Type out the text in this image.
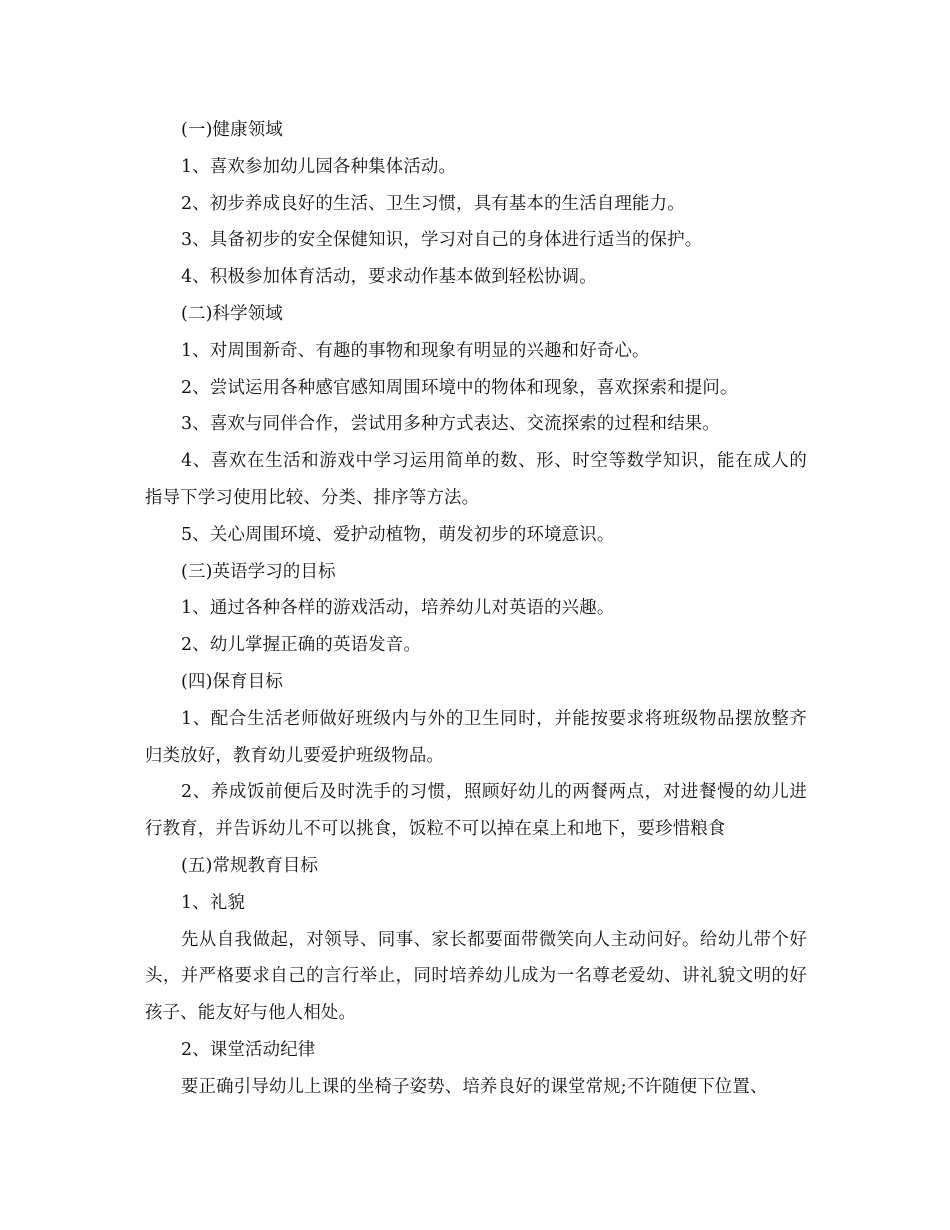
(一)健康领域

1、喜欢参加幼儿园各种集体活动。

2、初步养成良好的生活、卫生习惯，具有基本的生活自理能力。

3、具备初步的安全保健知识，学习对自己的身体进行适当的保护。

4、积极参加体育活动，要求动作基本做到轻松协调。

(二)科学领域

1、对周围新奇、有趣的事物和现象有明显的兴趣和好奇心。

2、尝试运用各种感官感知周围环境中的物体和现象，喜欢探索和提问。

3、喜欢与同伴合作，尝试用多种方式表达、交流探索的过程和结果。

4、喜欢在生活和游戏中学习运用简单的数、形、时空等数学知识，能在成人的指导下学习使用比较、分类、排序等方法。

5、关心周围环境、爱护动植物，萌发初步的环境意识。

(三)英语学习的目标

1、通过各种各样的游戏活动，培养幼儿对英语的兴趣。

2、幼儿掌握正确的英语发音。

(四)保育目标

1、配合生活老师做好班级内与外的卫生同时，并能按要求将班级物品摆放整齐归类放好，教育幼儿要爱护班级物品。

2、养成饭前便后及时洗手的习惯，照顾好幼儿的两餐两点，对进餐慢的幼儿进行教育，并告诉幼儿不可以挑食，饭粒不可以掉在桌上和地下，要珍惜粮食

(五)常规教育目标

1、礼貌

先从自我做起，对领导、同事、家长都要面带微笑向人主动问好。给幼儿带个好头，并严格要求自己的言行举止，同时培养幼儿成为一名尊老爱幼、讲礼貌文明的好孩子、能友好与他人相处。

2、课堂活动纪律

要正确引导幼儿上课的坐椅子姿势、培养良好的课堂常规;不许随便下位置、
